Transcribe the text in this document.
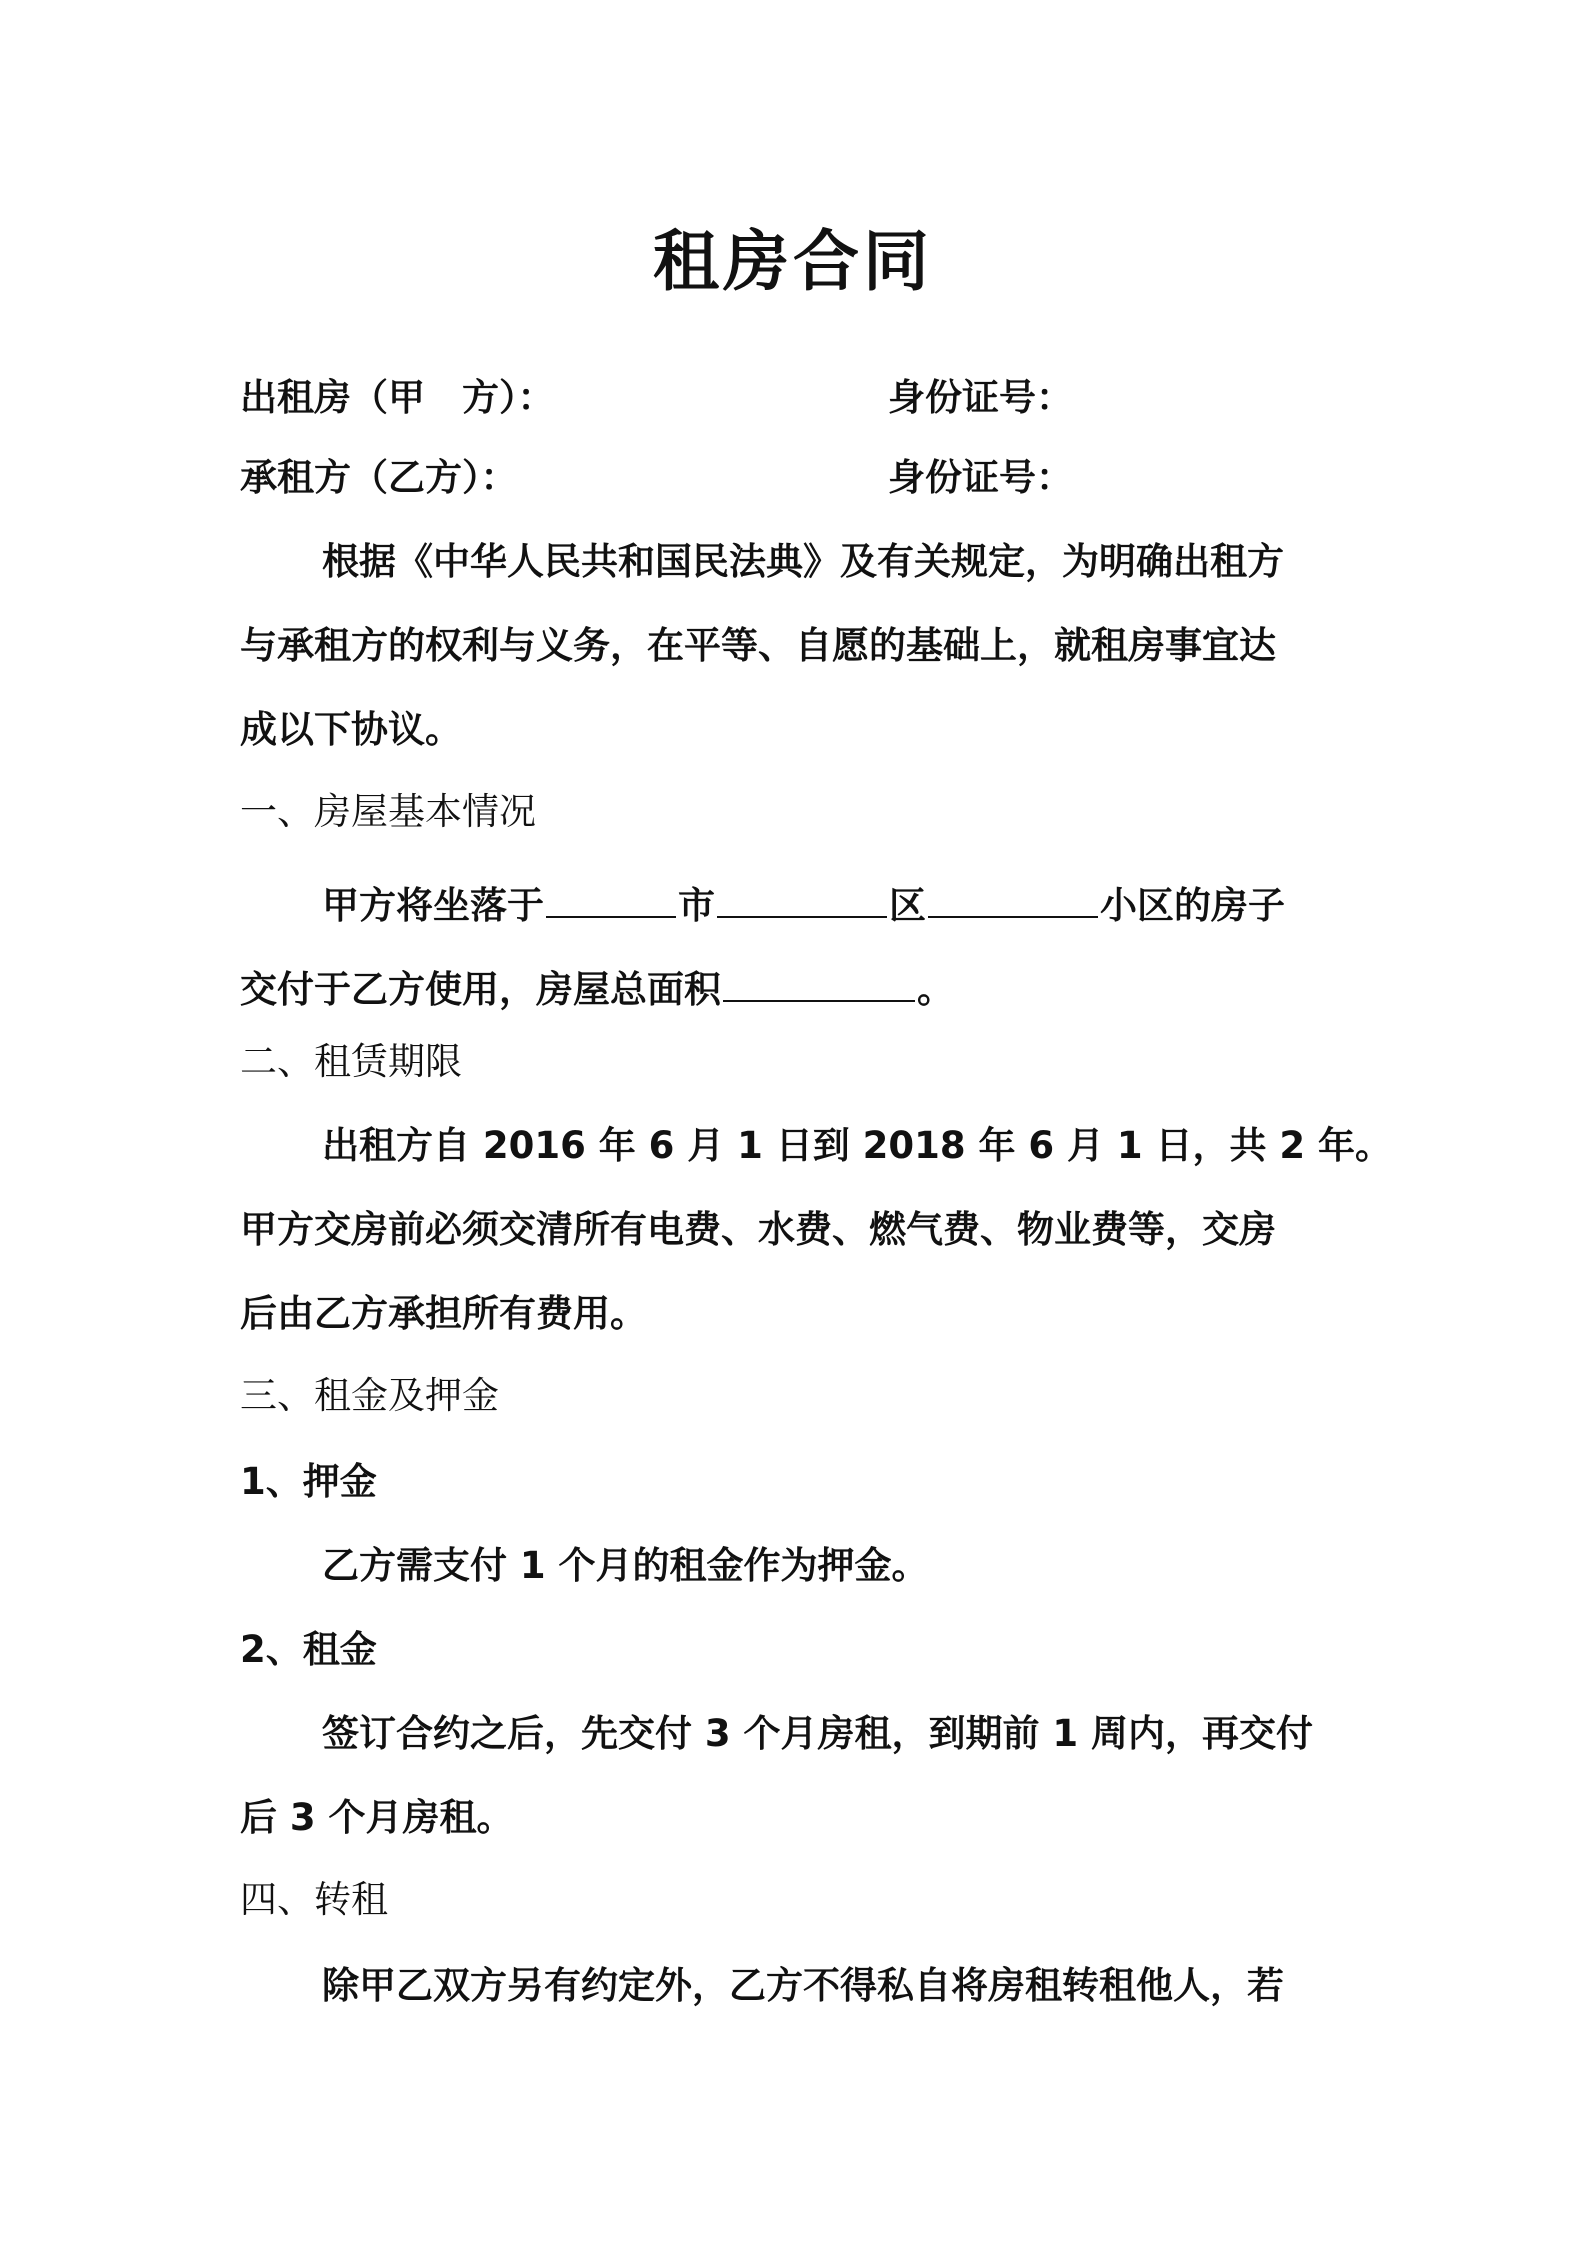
租房合同
出租房（甲　方）：	身份证号：
承租方（乙方）：	身份证号：
根据《中华人民共和国民法典》及有关规定，为明确出租方
与承租方的权利与义务，在平等、自愿的基础上，就租房事宜达
成以下协议。
一、房屋基本情况
甲方将坐落于	市	区	小区的房子
交付于乙方使用，房屋总面积	。
二、租赁期限
出租方自 2016 年 6 月 1 日到 2018 年 6 月 1 日，共 2 年。
甲方交房前必须交清所有电费、水费、燃气费、物业费等，交房
后由乙方承担所有费用。
三、租金及押金
1、押金
乙方需支付 1 个月的租金作为押金。
2、租金
签订合约之后，先交付 3 个月房租，到期前 1 周内，再交付
后 3 个月房租。
四、转租
除甲乙双方另有约定外，乙方不得私自将房租转租他人，若
